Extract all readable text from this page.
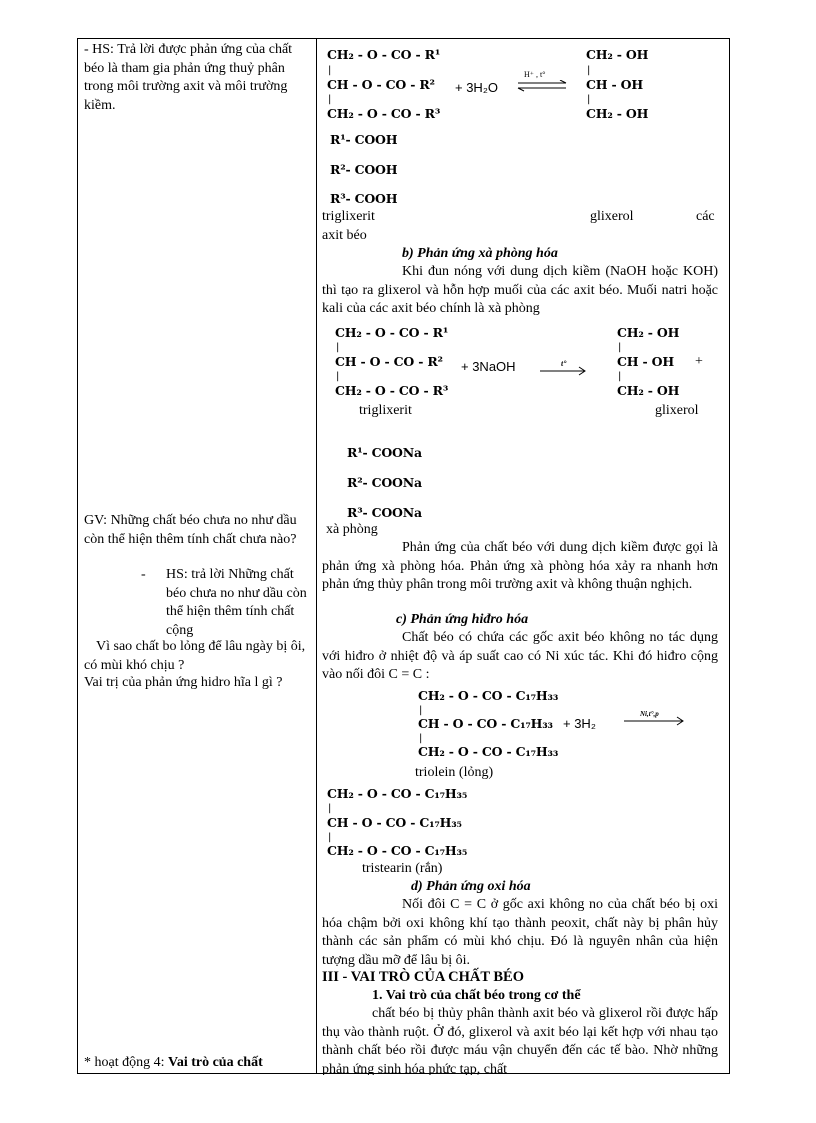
- HS: Trả lời được phản ứng của chất béo là tham gia phản ứng thuỷ phân trong môi trường axit và môi trường kiềm.
GV: Những chất béo chưa no như dầu còn thể hiện thêm tính chất chưa nào?
- HS: trả lời Những chất béo chưa no như dầu còn thể hiện thêm tính chất cộng
Vì sao chất bo lỏng để lâu ngày bị ôi, có mùi khó chịu ?
Vai trị của phản ứng hidro hĩa l gì ?
* hoạt động 4: Vai trò của chất
CH₂ - O - CO - R¹
|
CH - O - CO - R²
|
CH₂ - O - CO - R³
+ 3H₂O
H⁺ , t°
CH₂ - OH
|
CH - OH
|
CH₂ - OH
R¹- COOH
R²- COOH
R³- COOH
triglixerit	glixerol	các
axit béo
b) Phản ứng xà phòng hóa
Khi đun nóng với dung dịch kiềm (NaOH hoặc KOH) thì tạo ra glixerol và hỗn hợp muối của các axit béo. Muối natri hoặc kali của các axit béo chính là xà phòng
CH₂ - O - CO - R¹
|
CH - O - CO - R²
|
CH₂ - O - CO - R³
+ 3NaOH	t°
CH₂ - OH
|
CH - OH +
|
CH₂ - OH
triglixerit	glixerol
R¹- COONa
R²- COONa
R³- COONa
xà phòng
Phản ứng của chất béo với dung dịch kiềm được gọi là phản ứng xà phòng hóa. Phản ứng xà phòng hóa xảy ra nhanh hơn phản ứng thủy phân trong môi trường axit và không thuận nghịch.
c) Phản ứng hiđro hóa
Chất béo có chứa các gốc axit béo không no tác dụng với hiđro ở nhiệt độ và áp suất cao có Ni xúc tác. Khi đó hiđro cộng vào nối đôi C = C :
CH₂ - O - CO - C₁₇H₃₃
|
CH - O - CO - C₁₇H₃₃
|
CH₂ - O - CO - C₁₇H₃₃
+ 3H₂
Ni,t°,p
triolein (lỏng)
CH₂ - O - CO - C₁₇H₃₅
|
CH - O - CO - C₁₇H₃₅
|
CH₂ - O - CO - C₁₇H₃₅
tristearin (rắn)
d) Phản ứng oxi hóa
Nối đôi C = C ở gốc axi không no của chất béo bị oxi hóa chậm bởi oxi không khí tạo thành peoxit, chất này bị phân hủy thành các sản phẩm có mùi khó chịu. Đó là nguyên nhân của hiện tượng dầu mỡ để lâu bị ôi.
III - VAI TRÒ CỦA CHẤT BÉO
1. Vai trò của chất béo trong cơ thể
chất béo bị thủy phân thành axit béo và glixerol rồi được hấp thụ vào thành ruột. Ở đó, glixerol và axit béo lại kết hợp với nhau tạo thành chất béo rồi được máu vận chuyển đến các tế bào. Nhờ những phản ứng sinh hóa phức tạp, chất
